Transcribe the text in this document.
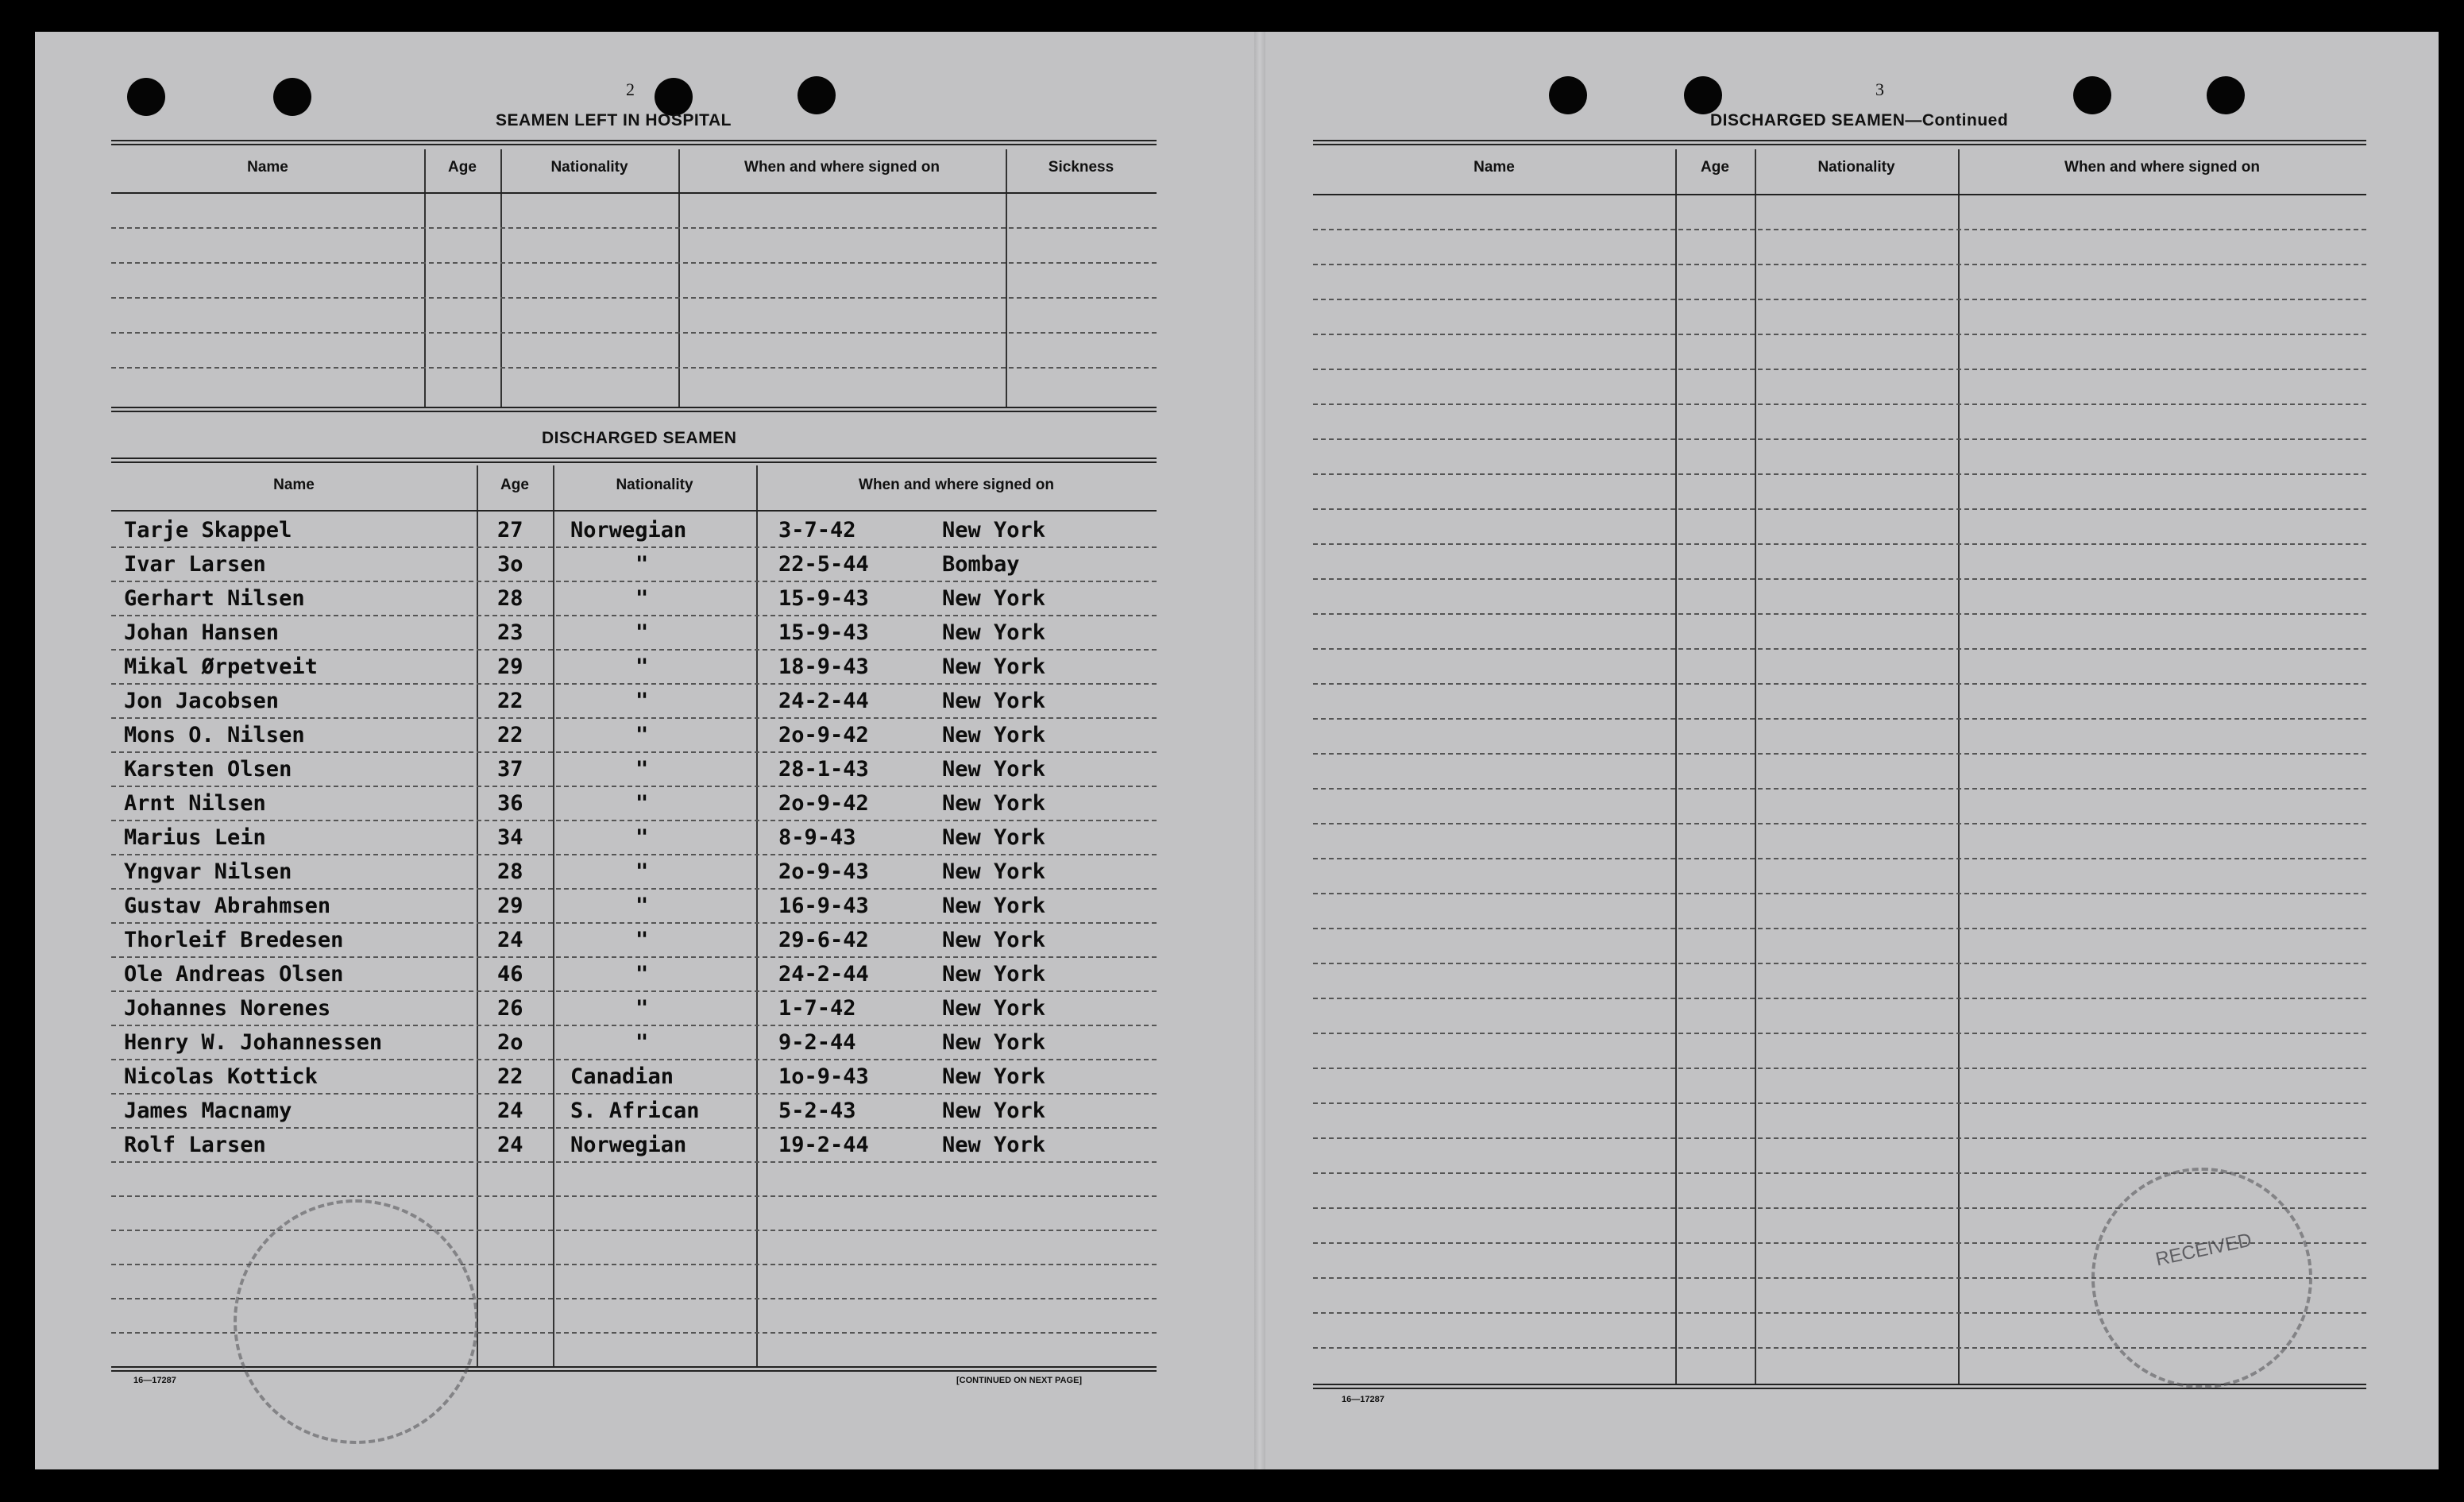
2
SEAMEN LEFT IN HOSPITAL
Name	Age	Nationality	When and where signed on	Sickness
DISCHARGED SEAMEN
Name	Age	Nationality	When and where signed on
Tarje Skappel	27 Norwegian	3-7-42	New York
Ivar Larsen	3o	"	22-5-44	Bombay
Gerhart Nilsen	28	"	15-9-43	New York
Johan Hansen	23	"	15-9-43	New York
Mikal Ørpetveit	29	"	18-9-43	New York
Jon Jacobsen	22	"	24-2-44	New York
Mons O. Nilsen	22	"	2o-9-42	New York
Karsten Olsen	37	"	28-1-43	New York
Arnt Nilsen	36	"	2o-9-42	New York
Marius Lein	34	"	8-9-43	New York
Yngvar Nilsen	28	"	2o-9-43	New York
Gustav Abrahmsen	29	"	16-9-43	New York
Thorleif Bredesen	24	"	29-6-42	New York
Ole Andreas Olsen	46	"	24-2-44	New York
Johannes Norenes	26	"	1-7-42	New York
Henry W. Johannessen	2o	"	9-2-44	New York
Nicolas Kottick	22 Canadian	1o-9-43	New York
James Macnamy	24 S. African	5-2-43	New York
Rolf Larsen	24 Norwegian	19-2-44	New York
16—17287	[CONTINUED ON NEXT PAGE]
3
DISCHARGED SEAMEN—Continued
Name	Age	Nationality	When and where signed on
16—17287
RECEIVED
